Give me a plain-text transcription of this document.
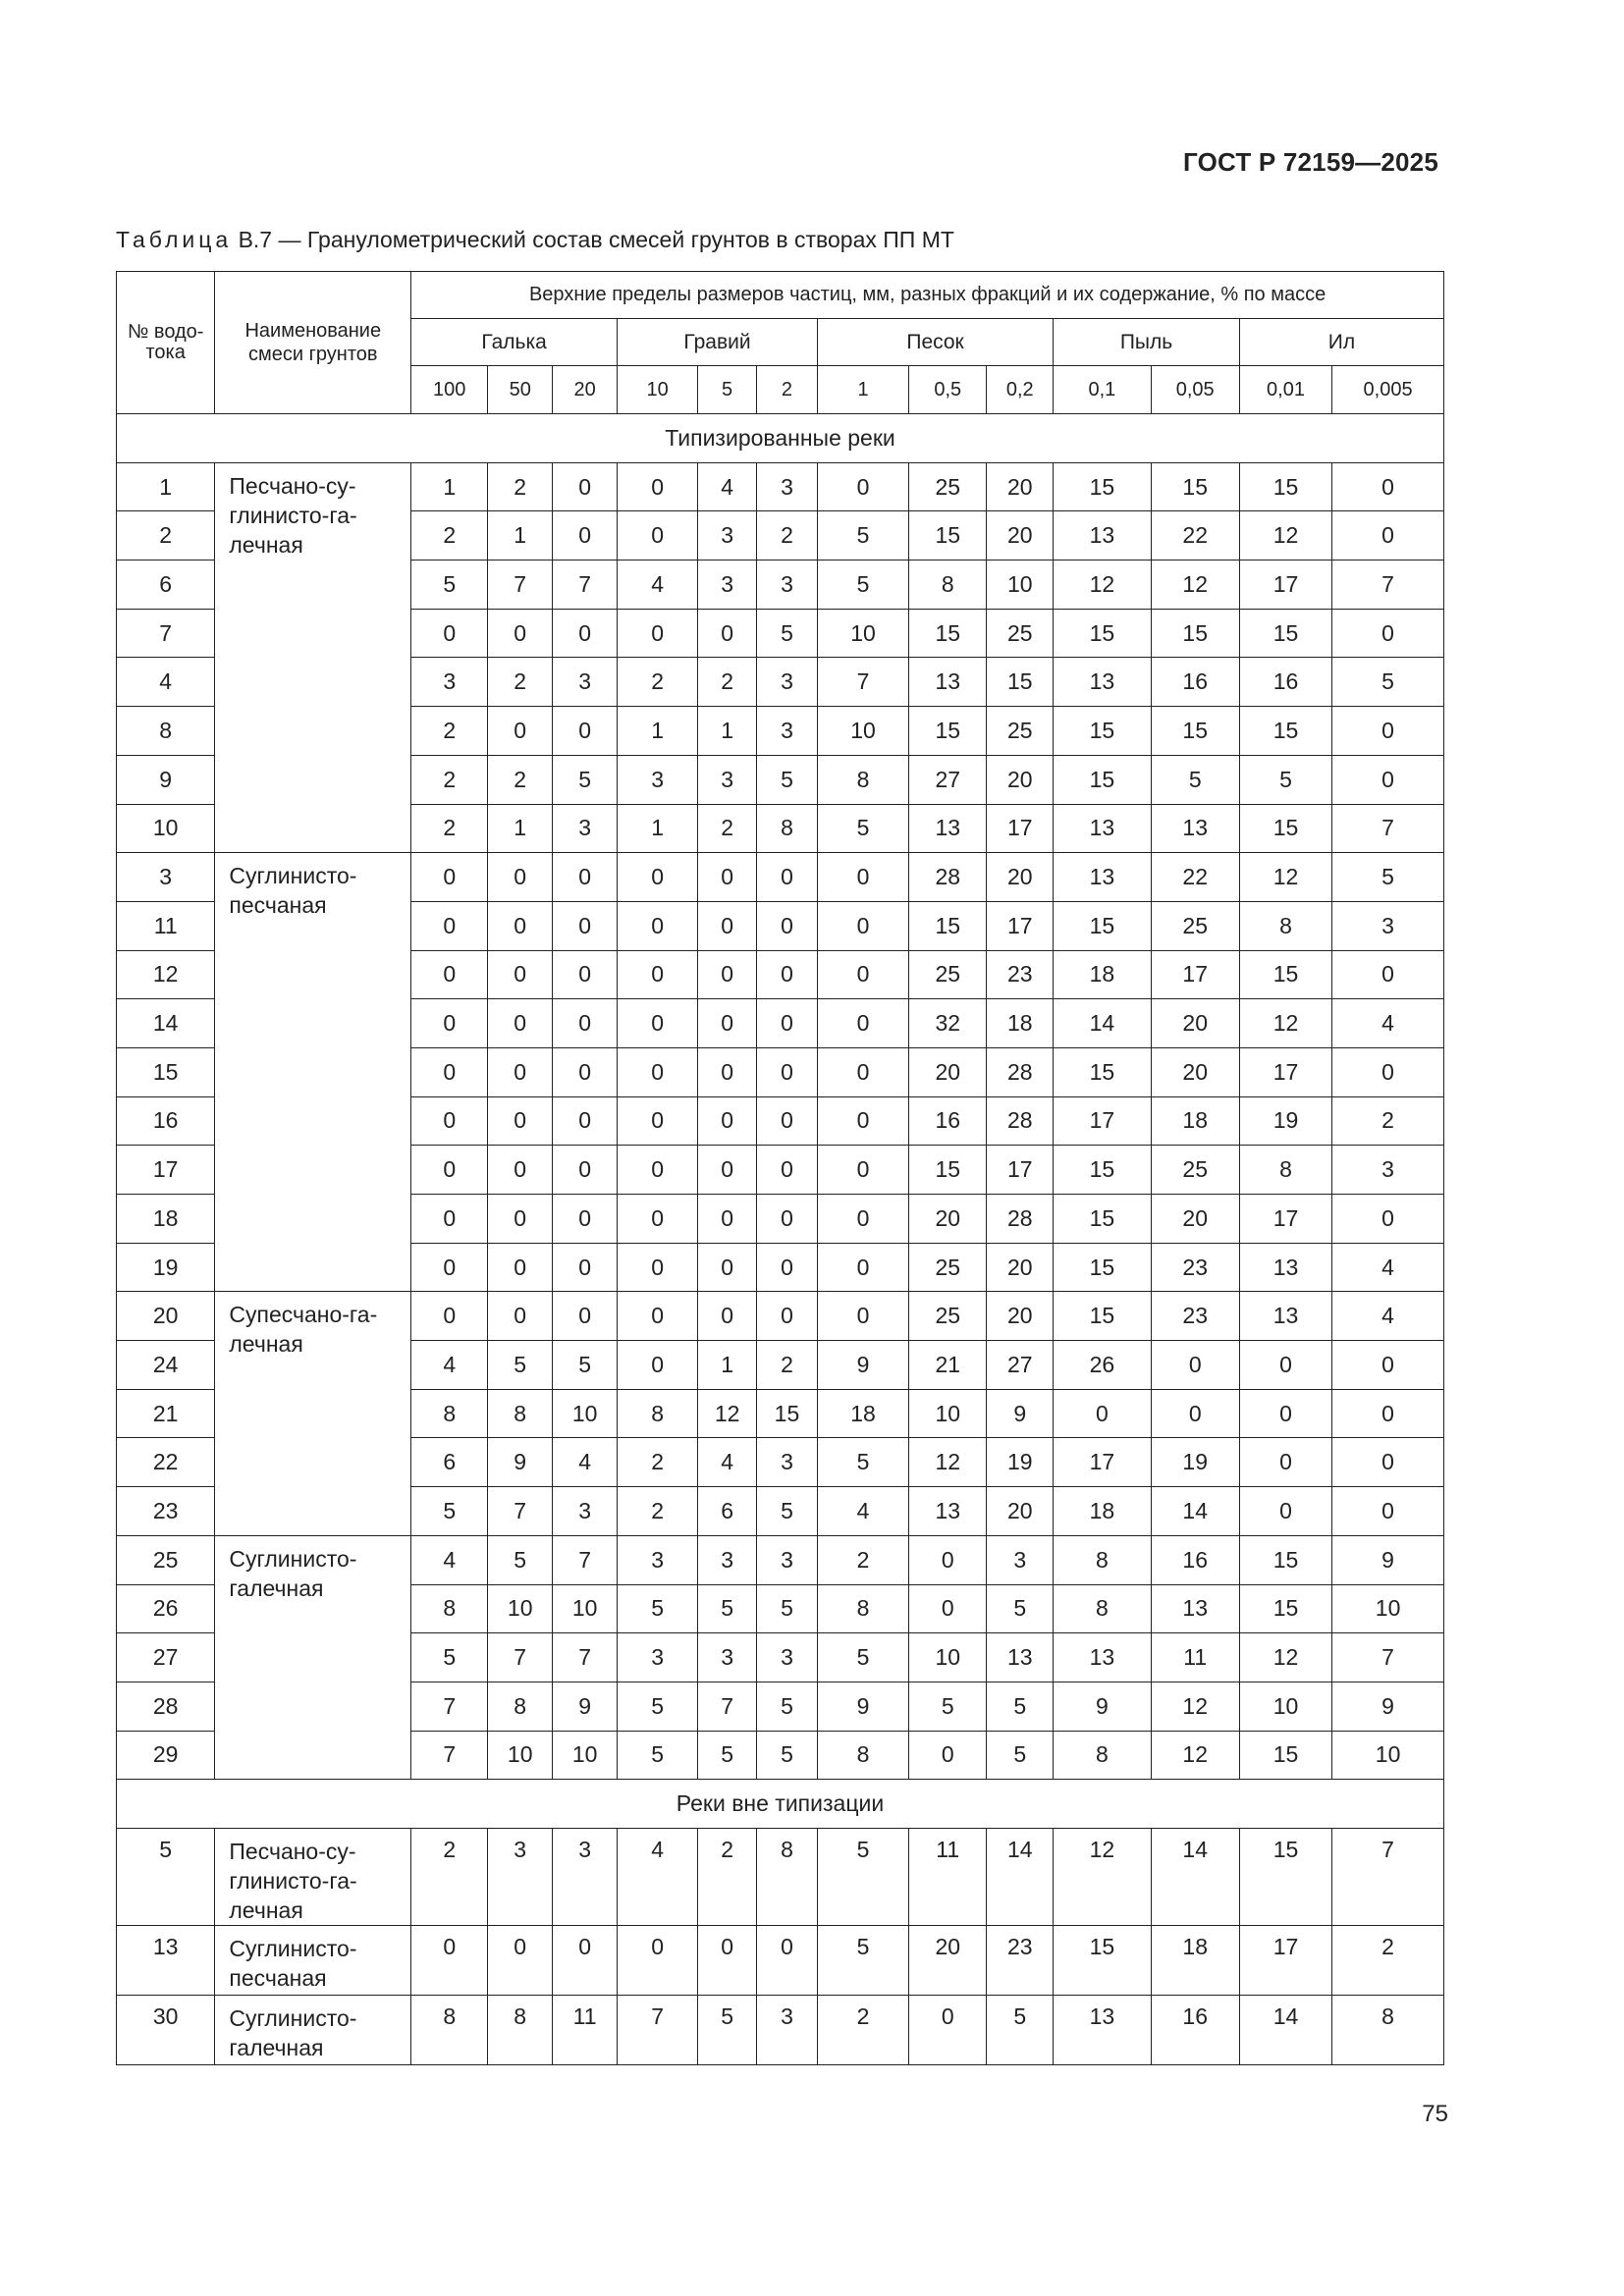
ГОСТ Р 72159—2025
Таблица В.7 — Гранулометрический состав смесей грунтов в створах ПП МТ
№ водо-тока	Наименование смеси грунтов	Верхние пределы размеров частиц, мм, разных фракций и их содержание, % по массе												
		Галька			Гравий			Песок			Пыль		Ил	
		100	50	20	10	5	2	1	0,5	0,2	0,1	0,05	0,01	0,005
Типизированные реки														
1	Песчано-су-глинисто-га-лечная	1	2	0	0	4	3	0	25	20	15	15	15	0
2		2	1	0	0	3	2	5	15	20	13	22	12	0
6		5	7	7	4	3	3	5	8	10	12	12	17	7
7		0	0	0	0	0	5	10	15	25	15	15	15	0
4		3	2	3	2	2	3	7	13	15	13	16	16	5
8		2	0	0	1	1	3	10	15	25	15	15	15	0
9		2	2	5	3	3	5	8	27	20	15	5	5	0
10		2	1	3	1	2	8	5	13	17	13	13	15	7
3	Суглинисто-песчаная	0	0	0	0	0	0	0	28	20	13	22	12	5
11		0	0	0	0	0	0	0	15	17	15	25	8	3
12		0	0	0	0	0	0	0	25	23	18	17	15	0
14		0	0	0	0	0	0	0	32	18	14	20	12	4
15		0	0	0	0	0	0	0	20	28	15	20	17	0
16		0	0	0	0	0	0	0	16	28	17	18	19	2
17		0	0	0	0	0	0	0	15	17	15	25	8	3
18		0	0	0	0	0	0	0	20	28	15	20	17	0
19		0	0	0	0	0	0	0	25	20	15	23	13	4
20	Супесчано-га-лечная	0	0	0	0	0	0	0	25	20	15	23	13	4
24		4	5	5	0	1	2	9	21	27	26	0	0	0
21		8	8	10	8	12	15	18	10	9	0	0	0	0
22		6	9	4	2	4	3	5	12	19	17	19	0	0
23		5	7	3	2	6	5	4	13	20	18	14	0	0
25	Суглинисто-галечная	4	5	7	3	3	3	2	0	3	8	16	15	9
26		8	10	10	5	5	5	8	0	5	8	13	15	10
27		5	7	7	3	3	3	5	10	13	13	11	12	7
28		7	8	9	5	7	5	9	5	5	9	12	10	9
29		7	10	10	5	5	5	8	0	5	8	12	15	10
Реки вне типизации														
5	Песчано-су-глинисто-га-лечная	2	3	3	4	2	8	5	11	14	12	14	15	7
13	Суглинисто-песчаная	0	0	0	0	0	0	5	20	23	15	18	17	2
30	Суглинисто-галечная	8	8	11	7	5	3	2	0	5	13	16	14	8
75
